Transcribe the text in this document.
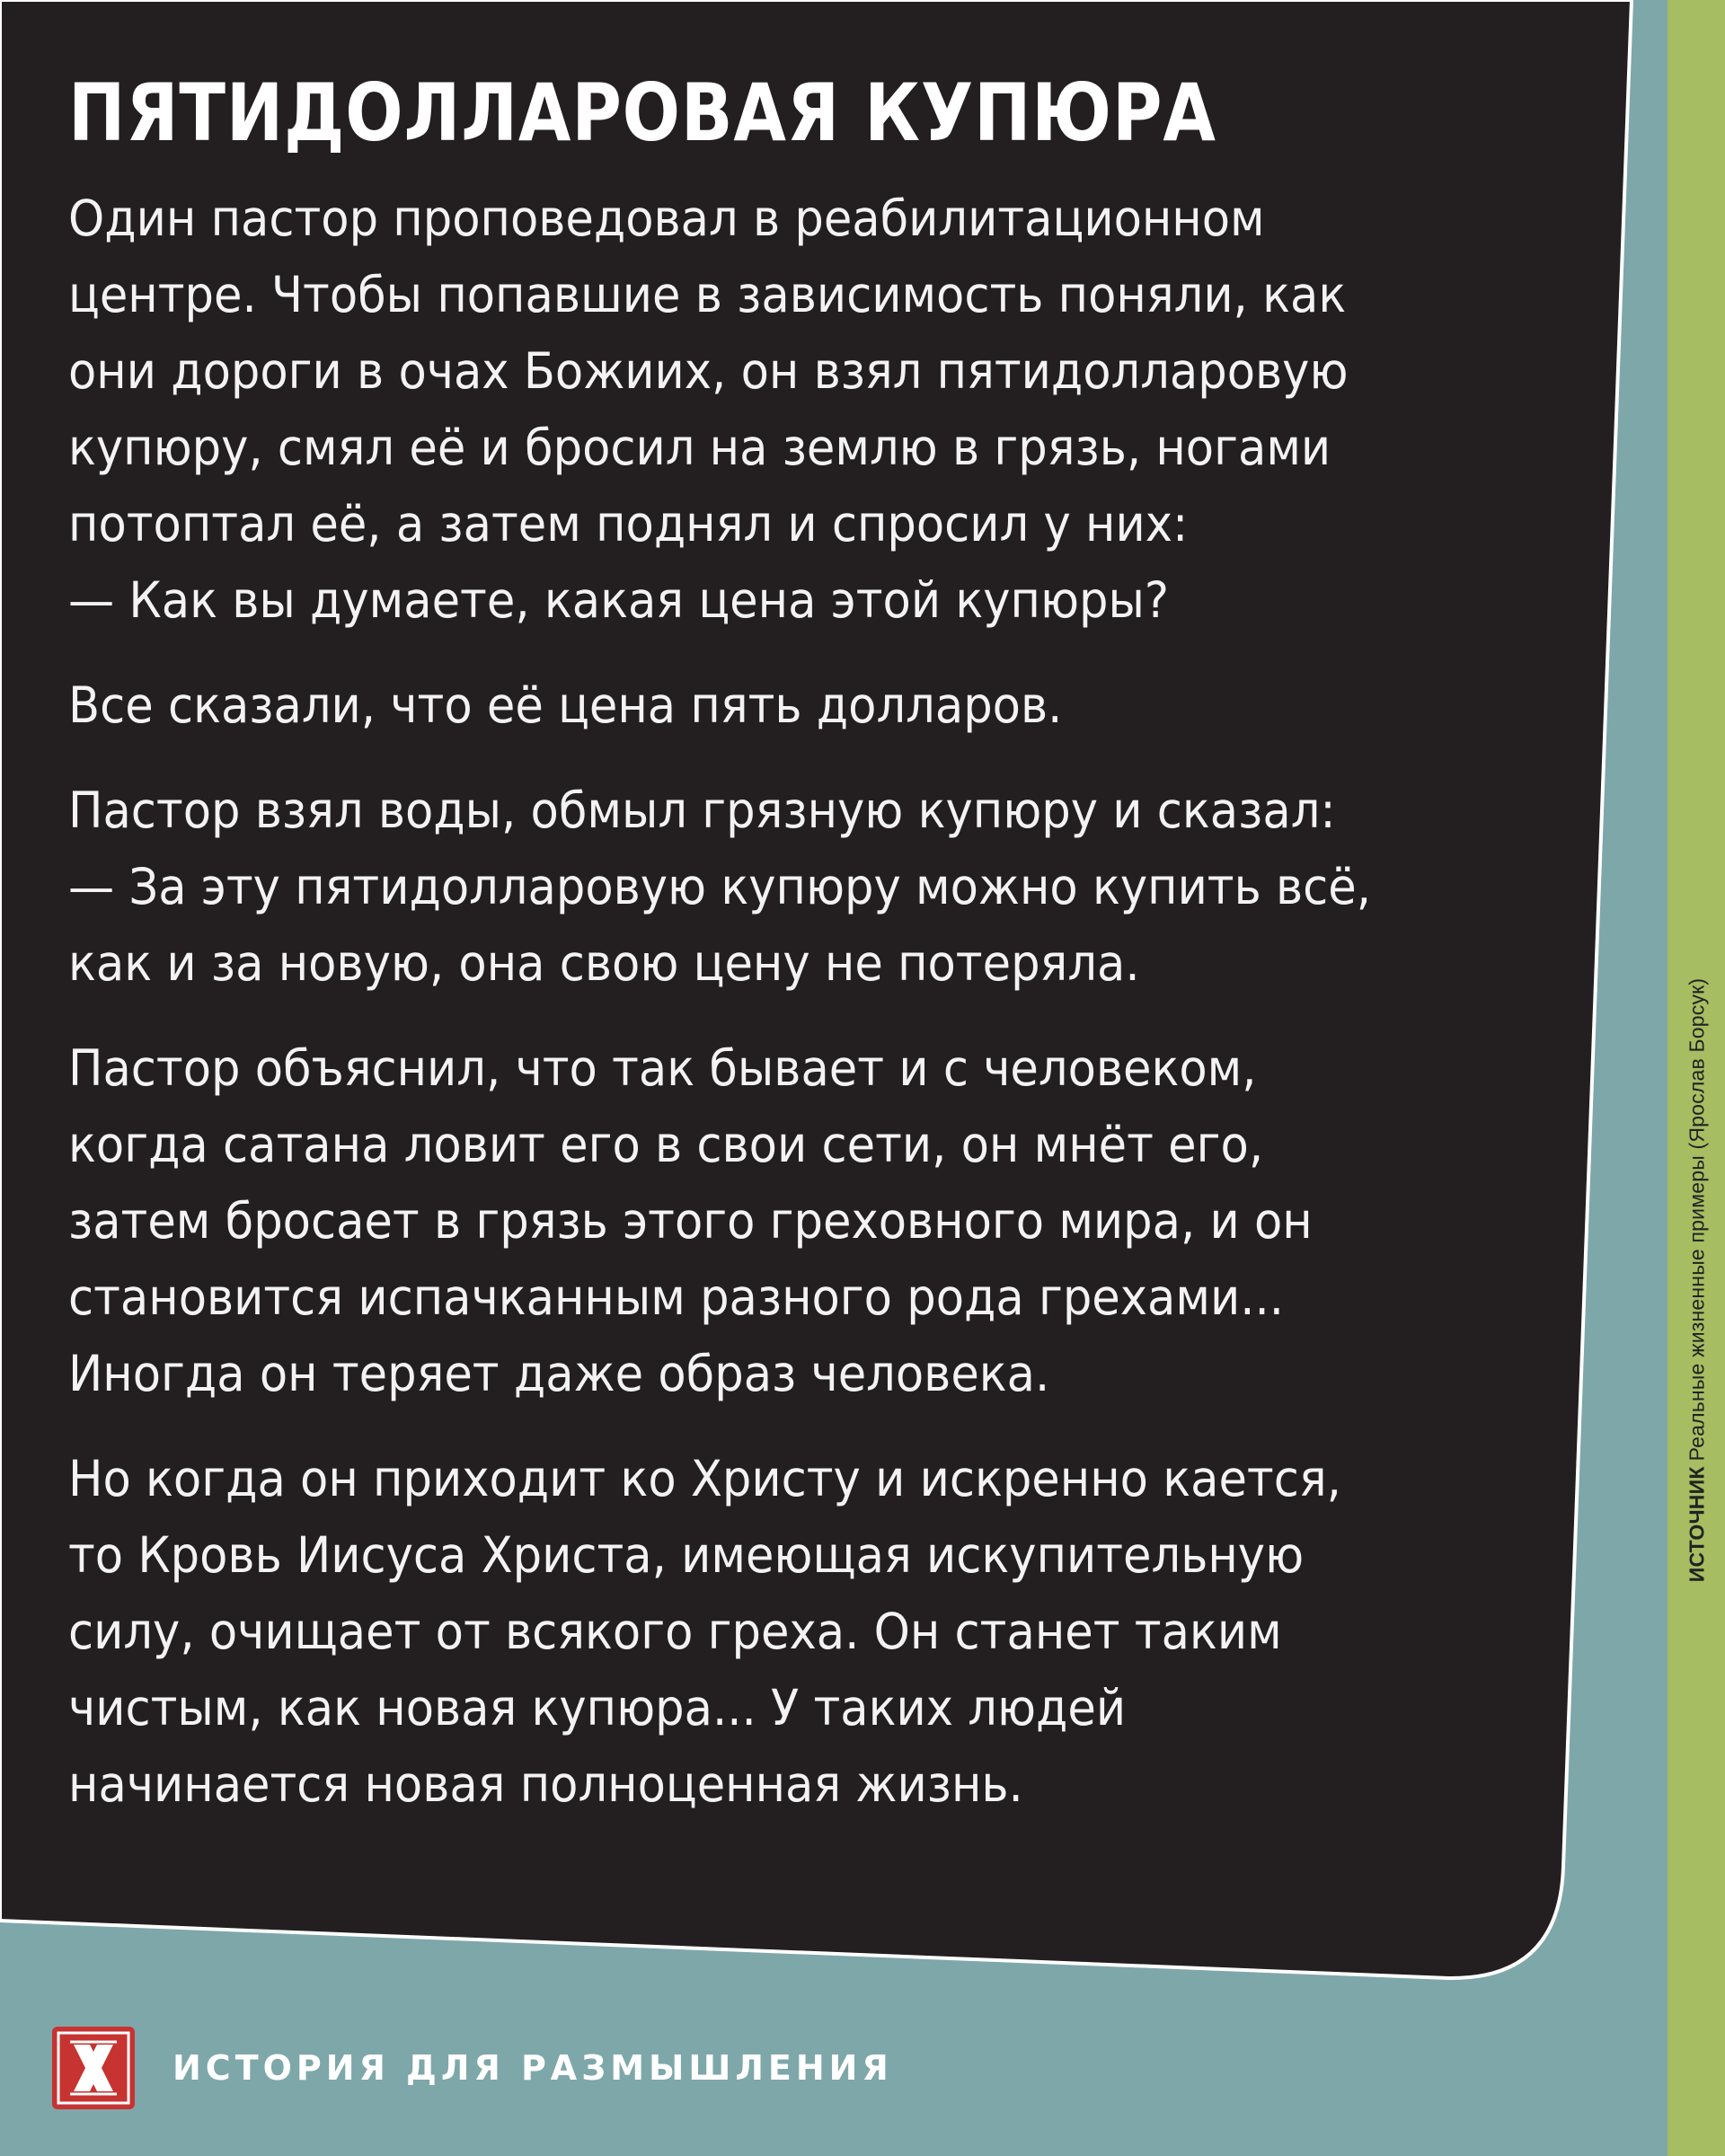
ИСТОЧНИКРеальные жизненные примеры (Ярослав Борсук)
ПЯТИДОЛЛАРОВАЯ КУПЮРА
Один пастор проповедовал в реабилитационном
центре. Чтобы попавшие в зависимость поняли, как
они дороги в очах Божиих, он взял пятидолларовую
купюру, смял её и бросил на землю в грязь, ногами
потоптал её, а затем поднял и спросил у них:
— Как вы думаете, какая цена этой купюры?
Все сказали, что её цена пять долларов.
Пастор взял воды, обмыл грязную купюру и сказал:
— За эту пятидолларовую купюру можно купить всё,
как и за новую, она свою цену не потеряла.
Пастор объяснил, что так бывает и с человеком,
когда сатана ловит его в свои сети, он мнёт его,
затем бросает в грязь этого греховного мира, и он
становится испачканным разного рода грехами...
Иногда он теряет даже образ человека.
Но когда он приходит ко Христу и искренно кается,
то Кровь Иисуса Христа, имеющая искупительную
силу, очищает от всякого греха. Он станет таким
чистым, как новая купюра... У таких людей
начинается новая полноценная жизнь.
ИСТОРИЯ ДЛЯ РАЗМЫШЛЕНИЯ
